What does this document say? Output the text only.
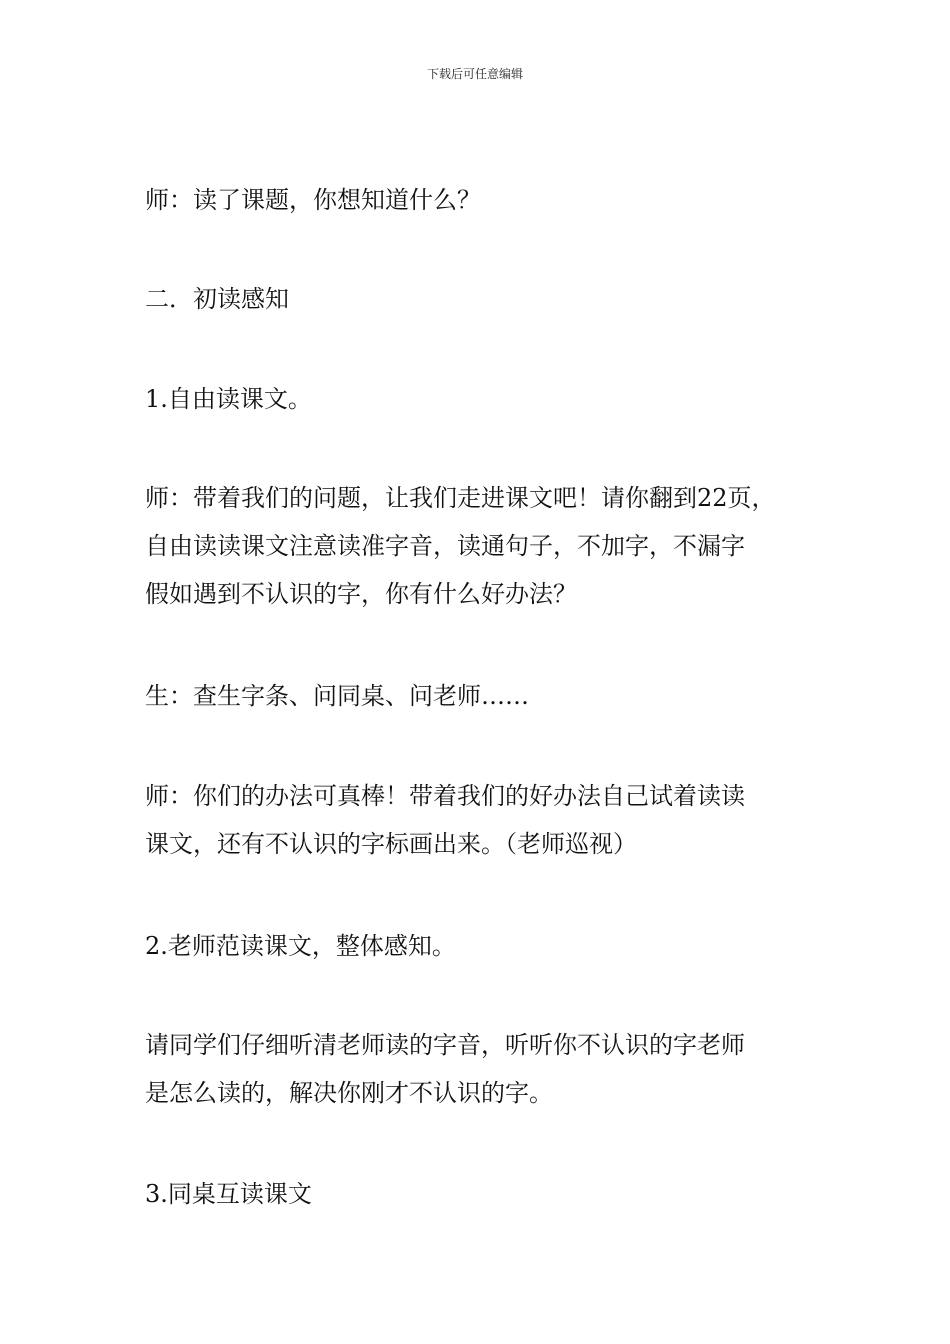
下载后可任意编辑
师：读了课题，你想知道什么？
二．初读感知
1.自由读课文。
师：带着我们的问题，让我们走进课文吧！请你翻到22页，
自由读读课文注意读准字音，读通句子，不加字，不漏字
假如遇到不认识的字，你有什么好办法？
生：查生字条、问同桌、问老师……
师：你们的办法可真棒！带着我们的好办法自己试着读读
课文，还有不认识的字标画出来。（老师巡视）
2.老师范读课文，整体感知。
请同学们仔细听清老师读的字音，听听你不认识的字老师
是怎么读的，解决你刚才不认识的字。
3.同桌互读课文
